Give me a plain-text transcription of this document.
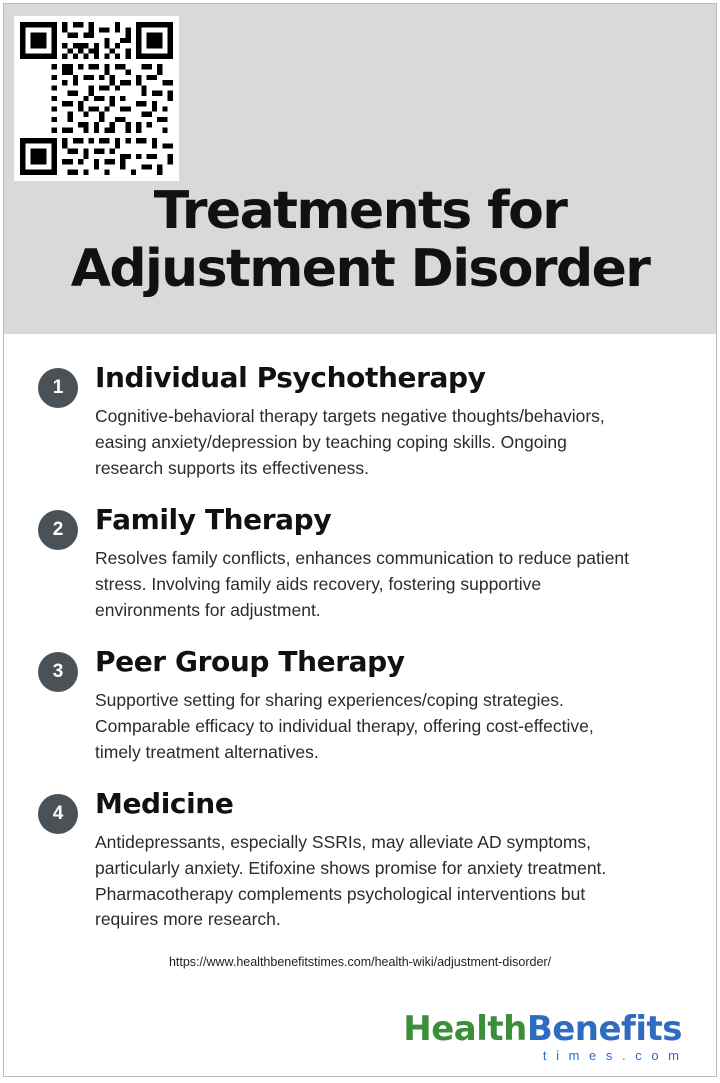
Treatments for
Adjustment Disorder
1	Individual Psychotherapy

Cognitive-behavioral therapy targets negative thoughts/behaviors, easing anxiety/depression by teaching coping skills. Ongoing research supports its effectiveness.

2	Family Therapy

Resolves family conflicts, enhances communication to reduce patient stress. Involving family aids recovery, fostering supportive environments for adjustment.

3	Peer Group Therapy

Supportive setting for sharing experiences/coping strategies. Comparable efficacy to individual therapy, offering cost-effective, timely treatment alternatives.

4	Medicine

Antidepressants, especially SSRIs, may alleviate AD symptoms, particularly anxiety. Etifoxine shows promise for anxiety treatment. Pharmacotherapy complements psychological interventions but requires more research.

https://www.healthbenefitstimes.com/health-wiki/adjustment-disorder/
HealthBenefits
t i m e s . c o m
